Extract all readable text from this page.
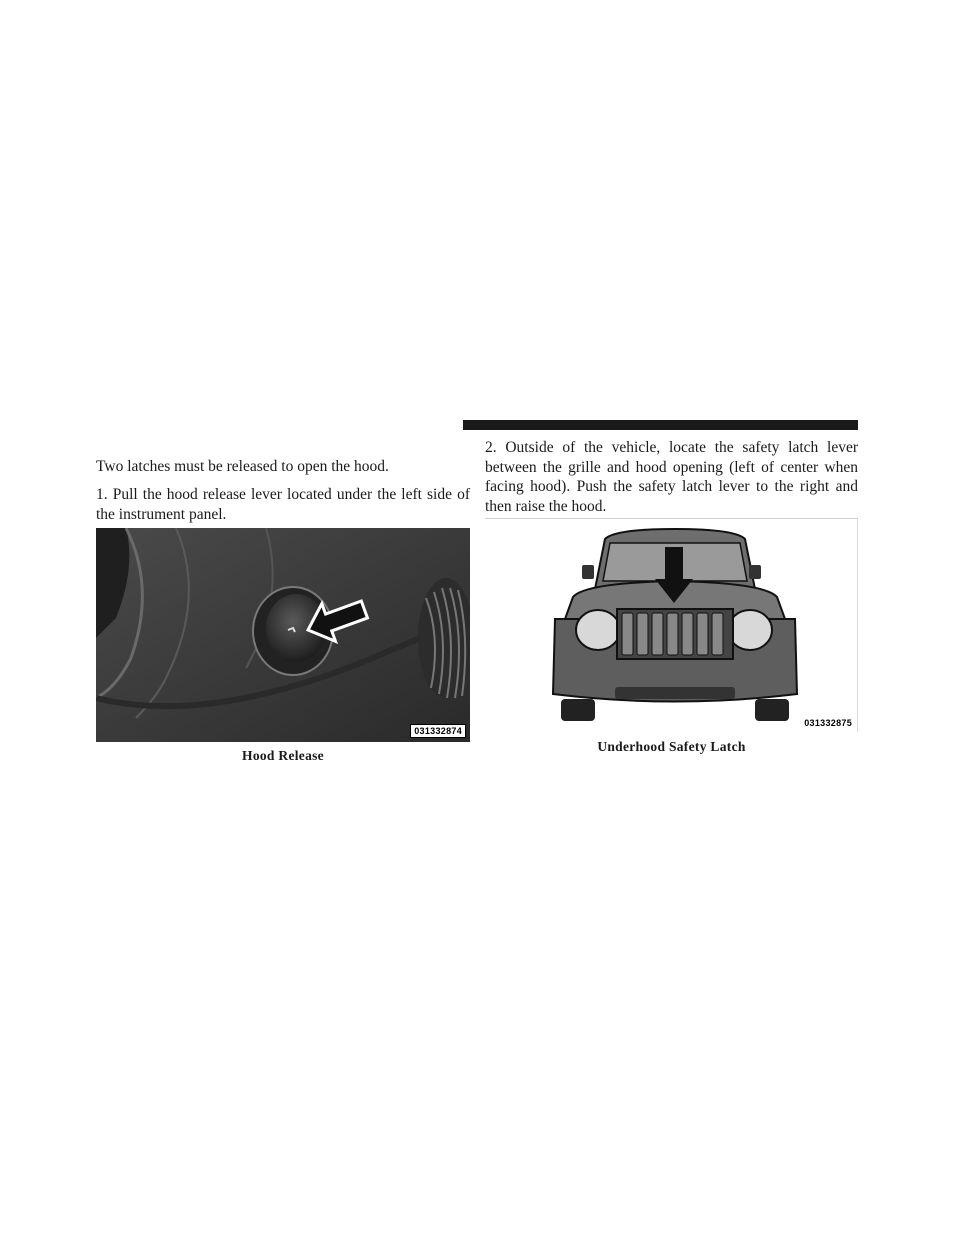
Two latches must be released to open the hood.

1. Pull the hood release lever located under the left side of the instrument panel.

031332874
Hood Release

2. Outside of the vehicle, locate the safety latch lever between the grille and hood opening (left of center when facing hood). Push the safety latch lever to the right and then raise the hood.

031332875
Underhood Safety Latch
